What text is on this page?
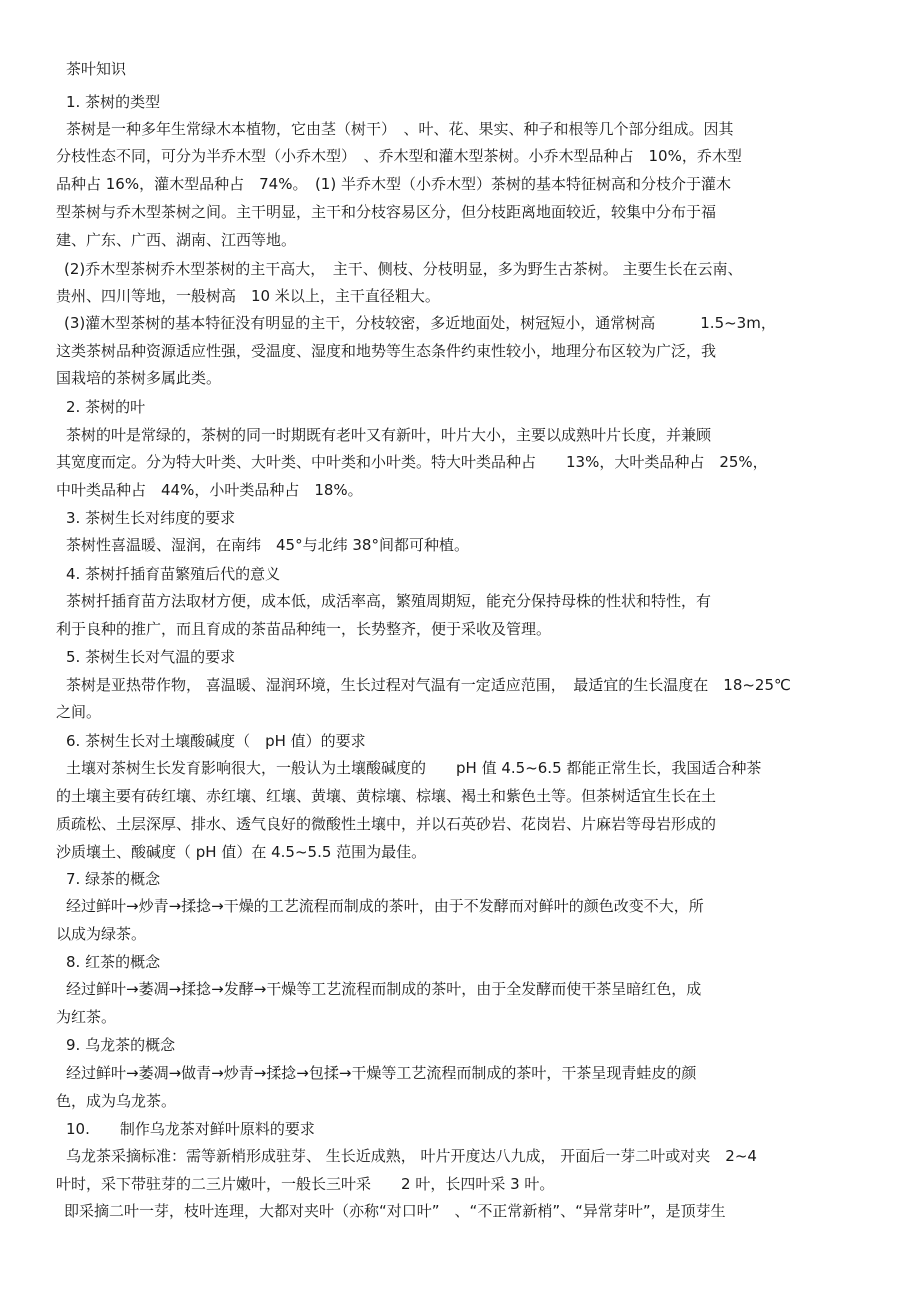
茶叶知识
1. 茶树的类型
茶树是一种多年生常绿木本植物，它由茎（树干）　、叶、花、果实、种子和根等几个部分组成。因其
分枝性态不同，可分为半乔木型（小乔木型）　、乔木型和灌木型茶树。小乔木型品种占　10%，乔木型
品种占 16%，灌木型品种占　74%。　(1) 半乔木型（小乔木型）茶树的基本特征树高和分枝介于灌木
型茶树与乔木型茶树之间。主干明显，主干和分枝容易区分，但分枝距离地面较近，较集中分布于福
建、广东、广西、湖南、江西等地。
(2)乔木型茶树乔木型茶树的主干高大，　主干、侧枝、分枝明显，多为野生古茶树。 主要生长在云南、
贵州、四川等地，一般树高　10 米以上，主干直径粗大。
(3)灌木型茶树的基本特征没有明显的主干，分枝较密，多近地面处，树冠短小，通常树高　　　1.5~3m，
这类茶树品种资源适应性强，受温度、湿度和地势等生态条件约束性较小，地理分布区较为广泛，我
国栽培的茶树多属此类。
2. 茶树的叶
茶树的叶是常绿的，茶树的同一时期既有老叶又有新叶，叶片大小，主要以成熟叶片长度，并兼顾
其宽度而定。分为特大叶类、大叶类、中叶类和小叶类。特大叶类品种占　　13%，大叶类品种占　25%，
中叶类品种占　44%，小叶类品种占　18%。
3. 茶树生长对纬度的要求
茶树性喜温暖、湿润，在南纬　45°与北纬 38°间都可种植。
4. 茶树扦插育苗繁殖后代的意义
茶树扦插育苗方法取材方便，成本低，成活率高，繁殖周期短，能充分保持母株的性状和特性，有
利于良种的推广，而且育成的茶苗品种纯一，长势整齐，便于采收及管理。
5. 茶树生长对气温的要求
茶树是亚热带作物， 喜温暖、湿润环境，生长过程对气温有一定适应范围，　最适宜的生长温度在　18~25℃
之间。
6. 茶树生长对土壤酸碱度（　pH 值）的要求
土壤对茶树生长发育影响很大，一般认为土壤酸碱度的　　pH 值 4.5~6.5 都能正常生长，我国适合种茶
的土壤主要有砖红壤、赤红壤、红壤、黄壤、黄棕壤、棕壤、褐土和紫色土等。但茶树适宜生长在土
质疏松、土层深厚、排水、透气良好的微酸性土壤中，并以石英砂岩、花岗岩、片麻岩等母岩形成的
沙质壤土、酸碱度（ pH 值）在 4.5~5.5 范围为最佳。
7. 绿茶的概念
经过鲜叶→炒青→揉捻→干燥的工艺流程而制成的茶叶，由于不发酵而对鲜叶的颜色改变不大，所
以成为绿茶。
8. 红茶的概念
经过鲜叶→萎凋→揉捻→发酵→干燥等工艺流程而制成的茶叶，由于全发酵而使干茶呈暗红色，成
为红茶。
9. 乌龙茶的概念
经过鲜叶→萎凋→做青→炒青→揉捻→包揉→干燥等工艺流程而制成的茶叶，干茶呈现青蛙皮的颜
色，成为乌龙茶。
10.　　制作乌龙茶对鲜叶原料的要求
乌龙茶采摘标准：需等新梢形成驻芽、 生长近成熟， 叶片开度达八九成， 开面后一芽二叶或对夹　2~4
叶时，采下带驻芽的二三片嫩叶，一般长三叶采　　2 叶，长四叶采 3 叶。
即采摘二叶一芽，枝叶连理，大都对夹叶（亦称“对口叶”　、“不正常新梢”、“异常芽叶”，是顶芽生
